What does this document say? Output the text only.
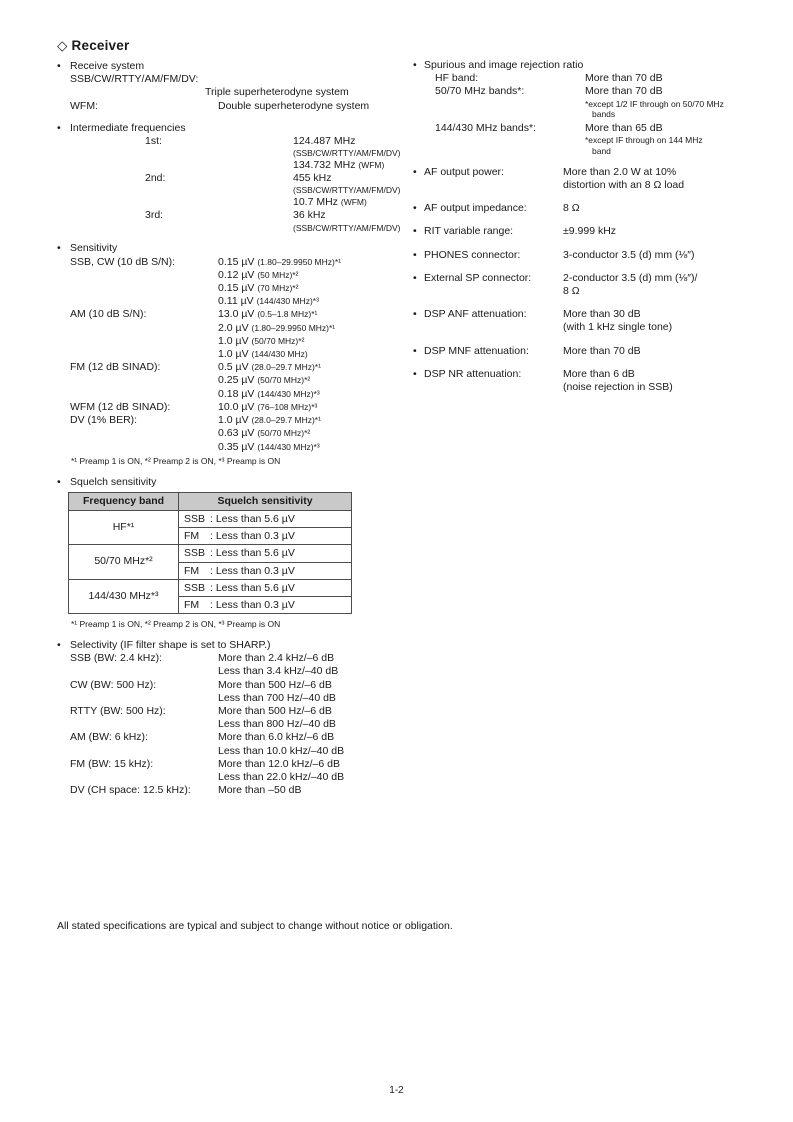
◇ Receiver
• Receive system
SSB/CW/RTTY/AM/FM/DV:
Triple superheterodyne system
WFM:	Double superheterodyne system
• Intermediate frequencies
1st:	124.487 MHz
(SSB/CW/RTTY/AM/FM/DV)
134.732 MHz (WFM)
2nd:	455 kHz
(SSB/CW/RTTY/AM/FM/DV)
10.7 MHz (WFM)
3rd:	36 kHz
(SSB/CW/RTTY/AM/FM/DV)
• Sensitivity
SSB, CW (10 dB S/N):	0.15 µV (1.80–29.9950 MHz)*¹
0.12 µV (50 MHz)*²
0.15 µV (70 MHz)*²
0.11 µV (144/430 MHz)*³
AM (10 dB S/N):	13.0 µV (0.5–1.8 MHz)*¹
2.0 µV (1.80–29.9950 MHz)*¹
1.0 µV (50/70 MHz)*²
1.0 µV (144/430 MHz)
FM (12 dB SINAD):	0.5 µV (28.0–29.7 MHz)*¹
0.25 µV (50/70 MHz)*²
0.18 µV (144/430 MHz)*³
WFM (12 dB SINAD):	10.0 µV (76–108 MHz)*³
DV (1% BER):	1.0 µV (28.0–29.7 MHz)*¹
0.63 µV (50/70 MHz)*²
0.35 µV (144/430 MHz)*³
*¹ Preamp 1 is ON, *² Preamp 2 is ON, *³ Preamp is ON
• Squelch sensitivity
Frequency band	Squelch sensitivity
HF*¹	SSB : Less than 5.6 µV
	FM : Less than 0.3 µV
50/70 MHz*²	SSB : Less than 5.6 µV
	FM : Less than 0.3 µV
144/430 MHz*³	SSB : Less than 5.6 µV
	FM : Less than 0.3 µV
*¹ Preamp 1 is ON, *² Preamp 2 is ON, *³ Preamp is ON
• Selectivity (IF filter shape is set to SHARP.)
SSB (BW: 2.4 kHz):	More than 2.4 kHz/–6 dB
Less than 3.4 kHz/–40 dB
CW (BW: 500 Hz):	More than 500 Hz/–6 dB
Less than 700 Hz/–40 dB
RTTY (BW: 500 Hz):	More than 500 Hz/–6 dB
Less than 800 Hz/–40 dB
AM (BW: 6 kHz):	More than 6.0 kHz/–6 dB
Less than 10.0 kHz/–40 dB
FM (BW: 15 kHz):	More than 12.0 kHz/–6 dB
Less than 22.0 kHz/–40 dB
DV (CH space: 12.5 kHz):	More than –50 dB
• Spurious and image rejection ratio
HF band:	More than 70 dB
50/70 MHz bands*:	More than 70 dB
*except 1/2 IF through on 50/70 MHz
bands
144/430 MHz bands*:	More than 65 dB
*except IF through on 144 MHz
band
• AF output power:	More than 2.0 W at 10%
distortion with an 8 Ω load
• AF output impedance:	8 Ω
• RIT variable range:	±9.999 kHz
• PHONES connector:	3-conductor 3.5 (d) mm (⅛″)
• External SP connector:	2-conductor 3.5 (d) mm (⅛″)/
8 Ω
• DSP ANF attenuation:	More than 30 dB
(with 1 kHz single tone)
• DSP MNF attenuation:	More than 70 dB
• DSP NR attenuation:	More than 6 dB
(noise rejection in SSB)
All stated specifications are typical and subject to change without notice or obligation.
1-2
